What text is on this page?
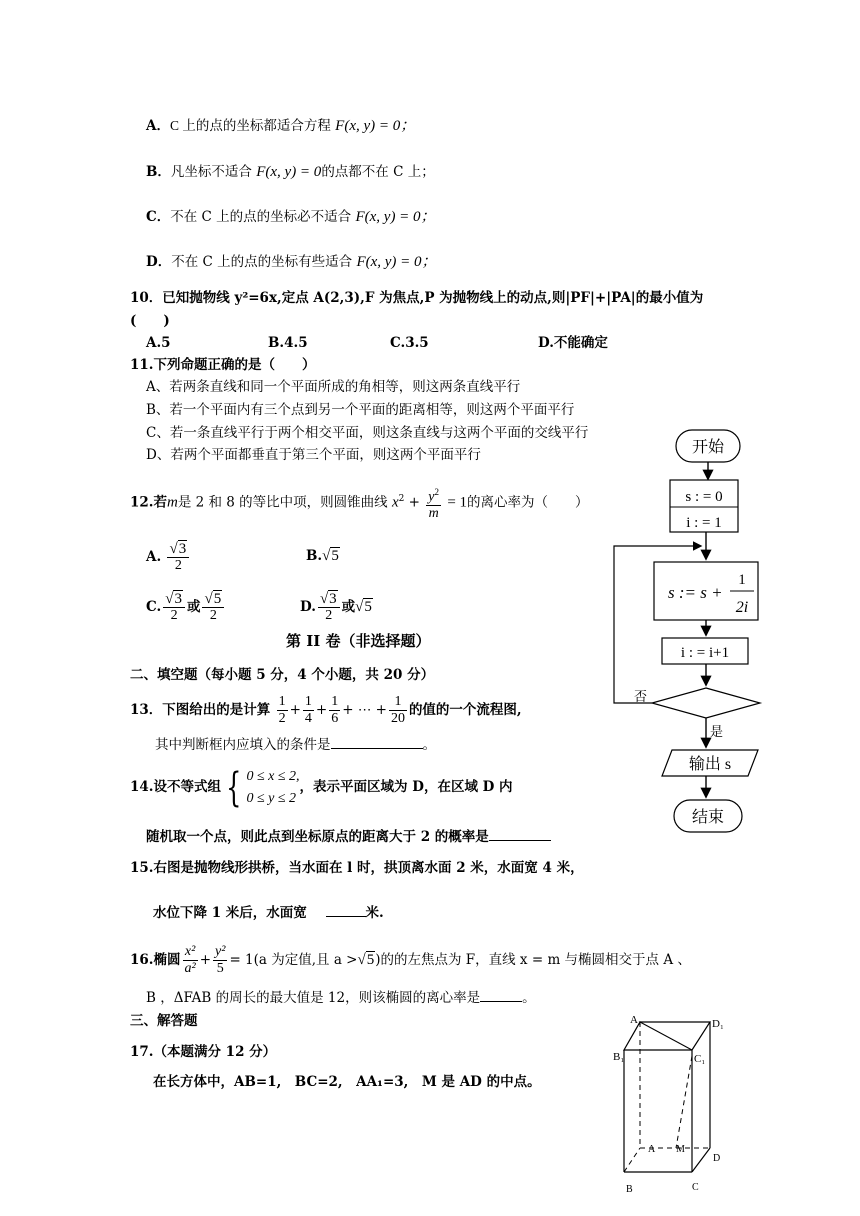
A．C 上的点的坐标都适合方程 F(x, y) = 0；
B．凡坐标不适合 F(x, y) = 0的点都不在 C 上；
C．不在 C 上的点的坐标必不适合 F(x, y) = 0；
D．不在 C 上的点的坐标有些适合 F(x, y) = 0；
10．已知抛物线 y²=6x,定点 A(2,3),F 为焦点,P 为抛物线上的动点,则|PF|+|PA|的最小值为
(　　)
A.5	B.4.5	C.3.5	D.不能确定
11.下列命题正确的是（　　）
A、若两条直线和同一个平面所成的角相等，则这两条直线平行
B、若一个平面内有三个点到另一个平面的距离相等，则这两个平面平行
C、若一条直线平行于两个相交平面，则这条直线与这两个平面的交线平行
D、若两个平面都垂直于第三个平面，则这两个平面平行
12.若m是 2 和 8 的等比中项，则圆锥曲线 $x^2 + \frac{y^2}{m} = 1$的离心率为（　　）
A. $\frac{√3}{2}$	B.√5
C. $\frac{√3}{2}$ 或 $\frac{√5}{2}$	D. $\frac{√3}{2}$ 或√5
第 II 卷（非选择题）
二、填空题（每小题 5 分，4 个小题，共 20 分）
13．下图给出的是计算 $\frac{1}{2} + \frac{1}{4} + \frac{1}{6}$ + ⋯ + $\frac{1}{20}$ 的值的一个流程图,
其中判断框内应填入的条件是	。
14.设不等式组 { 0 ≤ x ≤ 2,
0 ≤ y ≤ 2
，表示平面区域为 D，在区域 D 内
随机取一个点，则此点到坐标原点的距离大于 2 的概率是
15.右图是抛物线形拱桥，当水面在 l 时，拱顶离水面 2 米，水面宽 4 米，
水位下降 1 米后，水面宽	米.
16.椭圆 $\frac{\text{x²}}{\text{a²}} + \frac{\text{y²}}{5} = 1(a$ 为定值,且 a >√5)的的左焦点为 F，直线 x = m 与椭圆相交于点 A 、
B ，ΔFAB 的周长的最大值是 12，则该椭圆的离心率是	。
三、解答题
17.（本题满分 12 分）
在长方体中，AB=1,　BC=2,　AA₁=3,　M 是 AD 的中点。
开始
s : = 0
i : = 1
s := s +
1
2i
i : = i+1
否
是
输出 s
结束
A₁	D₁
B₁	C₁
A M
D
B	C
